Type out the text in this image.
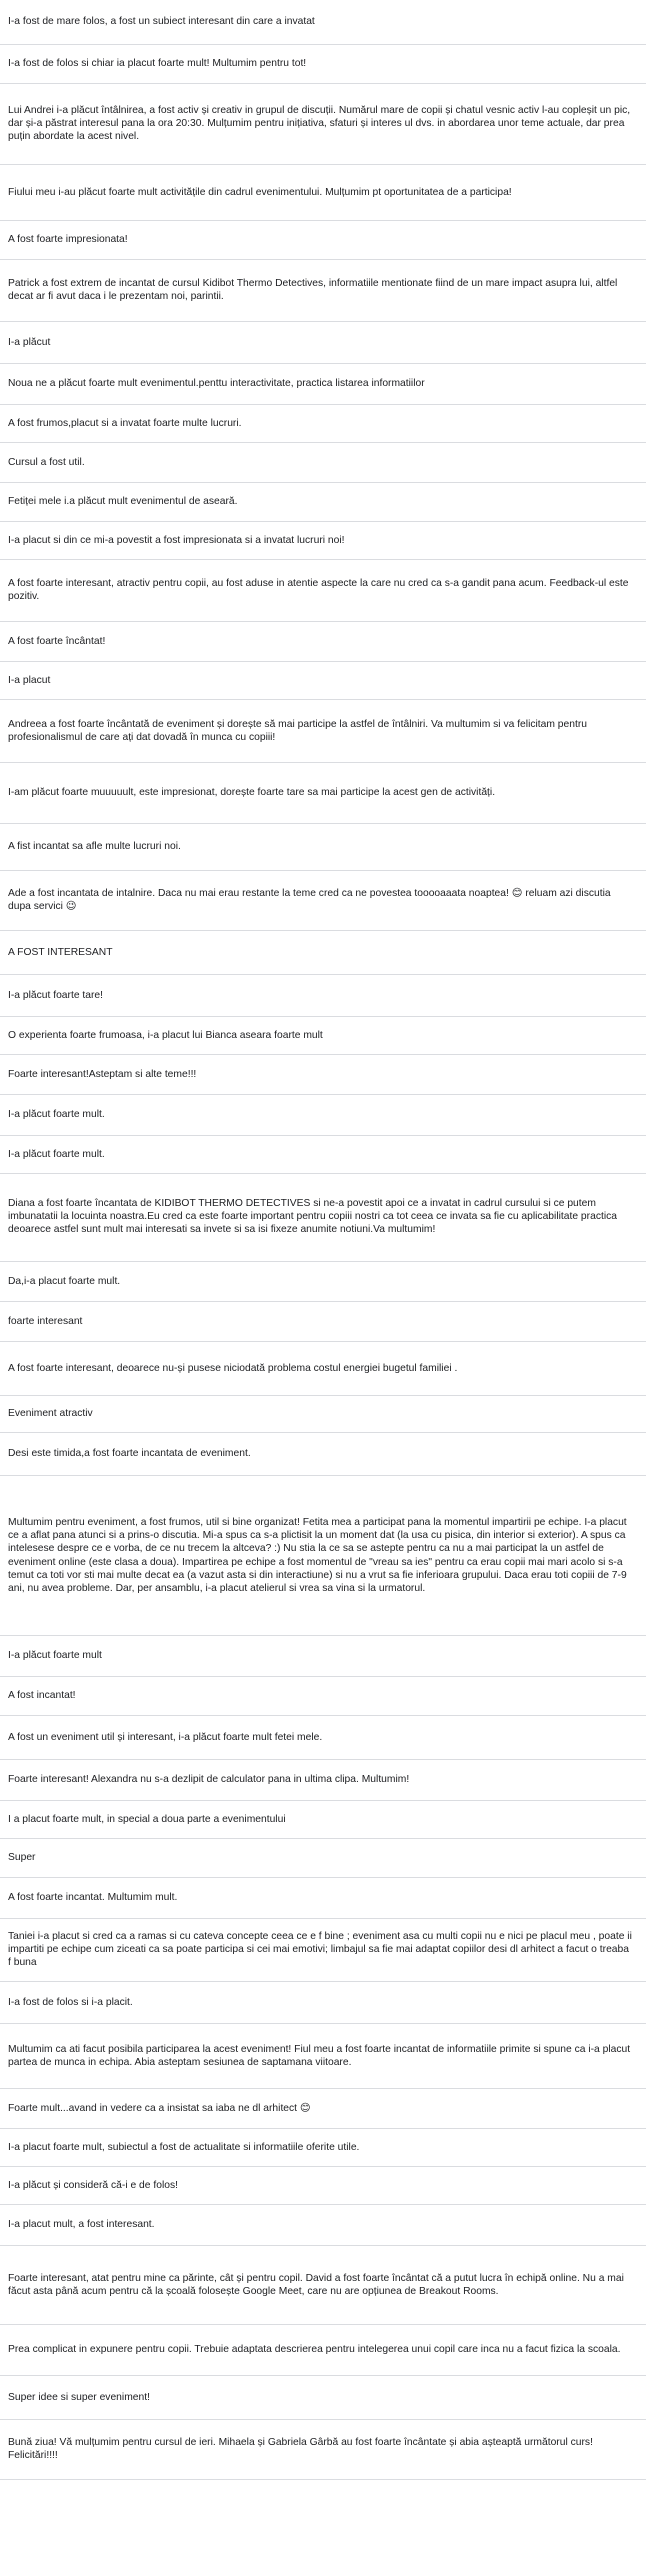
I-a fost de mare folos, a fost un subiect interesant din care a invatat
I-a fost de folos si chiar ia placut foarte mult! Multumim pentru tot!
Lui Andrei i-a plăcut întâlnirea, a fost activ și creativ in grupul de discuții. Numărul mare de copii și chatul vesnic activ l-au copleșit un pic, dar și-a păstrat interesul pana la ora 20:30. Mulțumim pentru inițiativa, sfaturi și interes ul dvs. in abordarea unor teme actuale, dar prea puțin abordate la acest nivel.
Fiului meu i-au plăcut foarte mult activitățile din cadrul evenimentului. Mulțumim pt oportunitatea de a participa!
A fost foarte impresionata!
Patrick a fost extrem de incantat de cursul Kidibot Thermo Detectives, informatiile mentionate fiind de un mare impact asupra lui, altfel decat ar fi avut daca i le prezentam noi, parintii.
I-a plăcut
Noua ne a plăcut foarte mult evenimentul.penttu interactivitate, practica listarea informatiilor
A fost frumos,placut si a invatat foarte multe lucruri.
Cursul a fost util.
Fetiței mele i.a plăcut mult evenimentul de aseară.
I-a placut si din ce mi-a povestit a fost impresionata si a invatat lucruri noi!
A fost foarte interesant, atractiv pentru copii, au fost aduse in atentie aspecte la care nu cred ca s-a gandit pana acum. Feedback-ul este pozitiv.
A fost foarte încântat!
I-a placut
Andreea a fost foarte încântată de eveniment și dorește să mai participe la astfel de întâlniri. Va multumim si va felicitam pentru profesionalismul de care ați dat dovadă în munca cu copiii!
I-am plăcut foarte muuuuult, este impresionat, dorește foarte tare sa mai participe la acest gen de activități.
A fist incantat sa afle multe lucruri noi.
Ade a fost incantata de intalnire. Daca nu mai erau restante la teme cred ca ne povestea tooooaaata noaptea! 😊 reluam azi discutia dupa servici 😉
A FOST INTERESANT
I-a plăcut foarte tare!
O experienta foarte frumoasa, i-a placut lui Bianca aseara foarte mult
Foarte interesant!Asteptam si alte teme!!!
I-a plăcut foarte mult.
I-a plăcut foarte mult.
Diana a fost foarte încantata de KIDIBOT THERMO DETECTIVES si ne-a povestit apoi ce a invatat in cadrul cursului si ce putem imbunatatii la locuinta noastra.Eu cred ca este foarte important pentru copiii nostri ca tot ceea ce invata sa fie cu aplicabilitate practica deoarece astfel sunt mult mai interesati sa invete si sa isi fixeze anumite notiuni.Va multumim!
Da,i-a placut foarte mult.
foarte interesant
A fost foarte interesant, deoarece nu-și pusese niciodată problema costul energiei bugetul familiei .
Eveniment atractiv
Desi este timida,a fost foarte incantata de eveniment.
Multumim pentru eveniment, a fost frumos, util si bine organizat! Fetita mea a participat pana la momentul impartirii pe echipe. I-a placut ce a aflat pana atunci si a prins-o discutia. Mi-a spus ca s-a plictisit la un moment dat (la usa cu pisica, din interior si exterior). A spus ca intelesese despre ce e vorba, de ce nu trecem la altceva? :) Nu stia la ce sa se astepte pentru ca nu a mai participat la un astfel de eveniment online (este clasa a doua). Impartirea pe echipe a fost momentul de "vreau sa ies" pentru ca erau copii mai mari acolo si s-a temut ca toti vor sti mai multe decat ea (a vazut asta si din interactiune) si nu a vrut sa fie inferioara grupului. Daca erau toti copiii de 7-9 ani, nu avea probleme. Dar, per ansamblu, i-a placut atelierul si vrea sa vina si la urmatorul.
I-a plăcut foarte mult
A fost incantat!
A fost un eveniment util și interesant, i-a plăcut foarte mult fetei mele.
Foarte interesant! Alexandra nu s-a dezlipit de calculator pana in ultima clipa. Multumim!
I a placut foarte mult, in special a doua parte a evenimentului
Super
A fost foarte incantat. Multumim mult.
Taniei i-a placut si cred ca a ramas si cu cateva concepte ceea ce e f bine ; eveniment asa cu multi copii nu e nici pe placul meu , poate ii impartiti pe echipe cum ziceati ca sa poate participa si cei mai emotivi; limbajul sa fie mai adaptat copiilor desi dl arhitect a facut o treaba f buna
I-a fost de folos si i-a placit.
Multumim ca ati facut posibila participarea la acest eveniment! Fiul meu a fost foarte incantat de informatiile primite si spune ca i-a placut partea de munca in echipa. Abia asteptam sesiunea de saptamana viitoare.
Foarte mult...avand in vedere ca a insistat sa iaba ne dl arhitect 😊
I-a placut foarte mult, subiectul a fost de actualitate si informatiile oferite utile.
I-a plăcut și consideră că-i e de folos!
I-a placut mult, a fost interesant.
Foarte interesant, atat pentru mine ca părinte, cât și pentru copil. David a fost foarte încântat că a putut lucra în echipă online. Nu a mai făcut asta până acum pentru că la școală folosește Google Meet, care nu are opțiunea de Breakout Rooms.
Prea complicat in expunere pentru copii. Trebuie adaptata descrierea pentru intelegerea unui copil care inca nu a facut fizica la scoala.
Super idee si super eveniment!
Bună ziua! Vă mulțumim pentru cursul de ieri. Mihaela și Gabriela Gârbă au fost foarte încântate și abia așteaptă următorul curs! Felicitări!!!!
